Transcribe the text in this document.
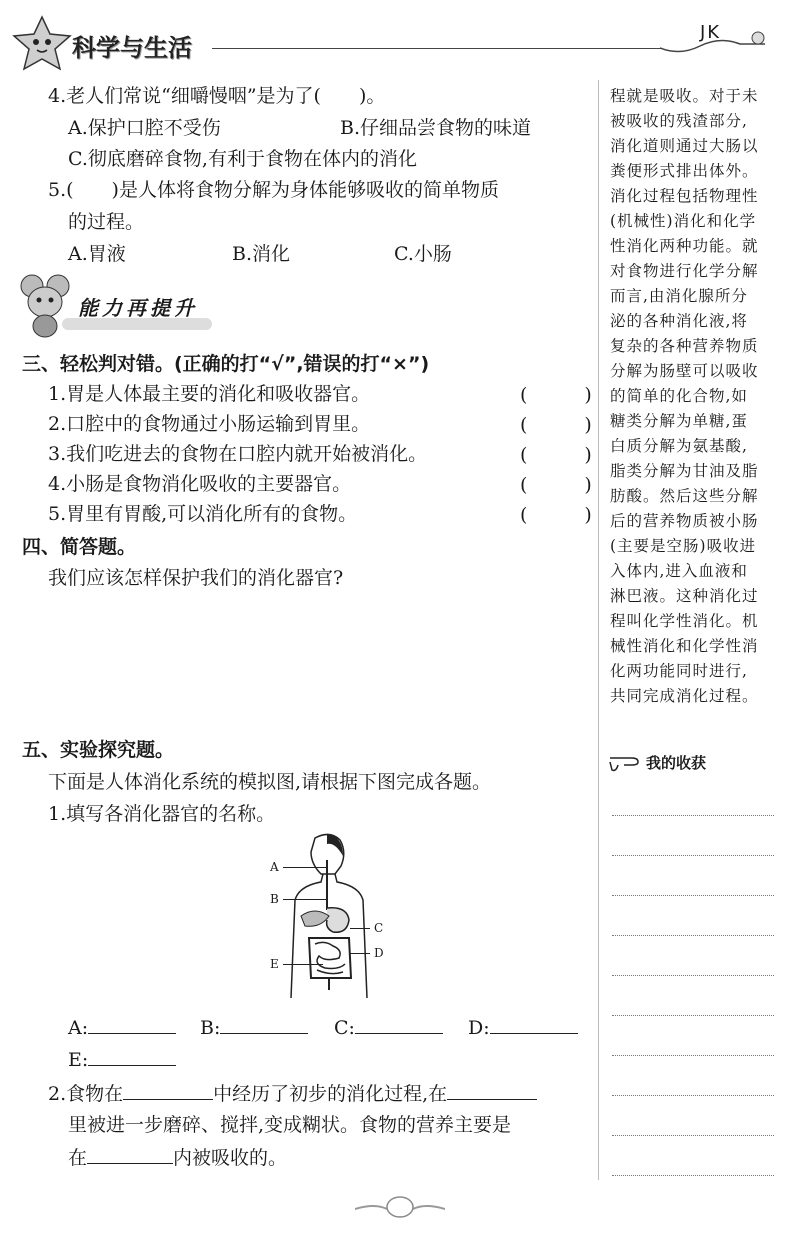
科学与生活
JK
4.老人们常说“细嚼慢咽”是为了(　　)。
A.保护口腔不受伤	B.仔细品尝食物的味道
C.彻底磨碎食物,有利于食物在体内的消化
5.(　　)是人体将食物分解为身体能够吸收的简单物质
的过程。
A.胃液	B.消化	C.小肠
能力再提升
三、轻松判对错。(正确的打“√”,错误的打“×”)
1.胃是人体最主要的消化和吸收器官。	(　　　)
2.口腔中的食物通过小肠运输到胃里。	(　　　)
3.我们吃进去的食物在口腔内就开始被消化。	(　　　)
4.小肠是食物消化吸收的主要器官。	(　　　)
5.胃里有胃酸,可以消化所有的食物。	(　　　)
四、简答题。
我们应该怎样保护我们的消化器官?
五、实验探究题。
下面是人体消化系统的模拟图,请根据下图完成各题。
1.填写各消化器官的名称。
A
B
C
D
E
A:	B:	C:	D:
E:
2.食物在	中经历了初步的消化过程,在
里被进一步磨碎、搅拌,变成糊状。食物的营养主要是
在	内被吸收的。

程就是吸收。对于未

被吸收的残渣部分,

消化道则通过大肠以

粪便形式排出体外。

消化过程包括物理性

(机械性)消化和化学

性消化两种功能。就

对食物进行化学分解

而言,由消化腺所分

泌的各种消化液,将

复杂的各种营养物质

分解为肠壁可以吸收

的简单的化合物,如

糖类分解为单糖,蛋

白质分解为氨基酸,

脂类分解为甘油及脂

肪酸。然后这些分解

后的营养物质被小肠

(主要是空肠)吸收进

入体内,进入血液和

淋巴液。这种消化过

程叫化学性消化。机

械性消化和化学性消

化两功能同时进行,

共同完成消化过程。

我的收获
